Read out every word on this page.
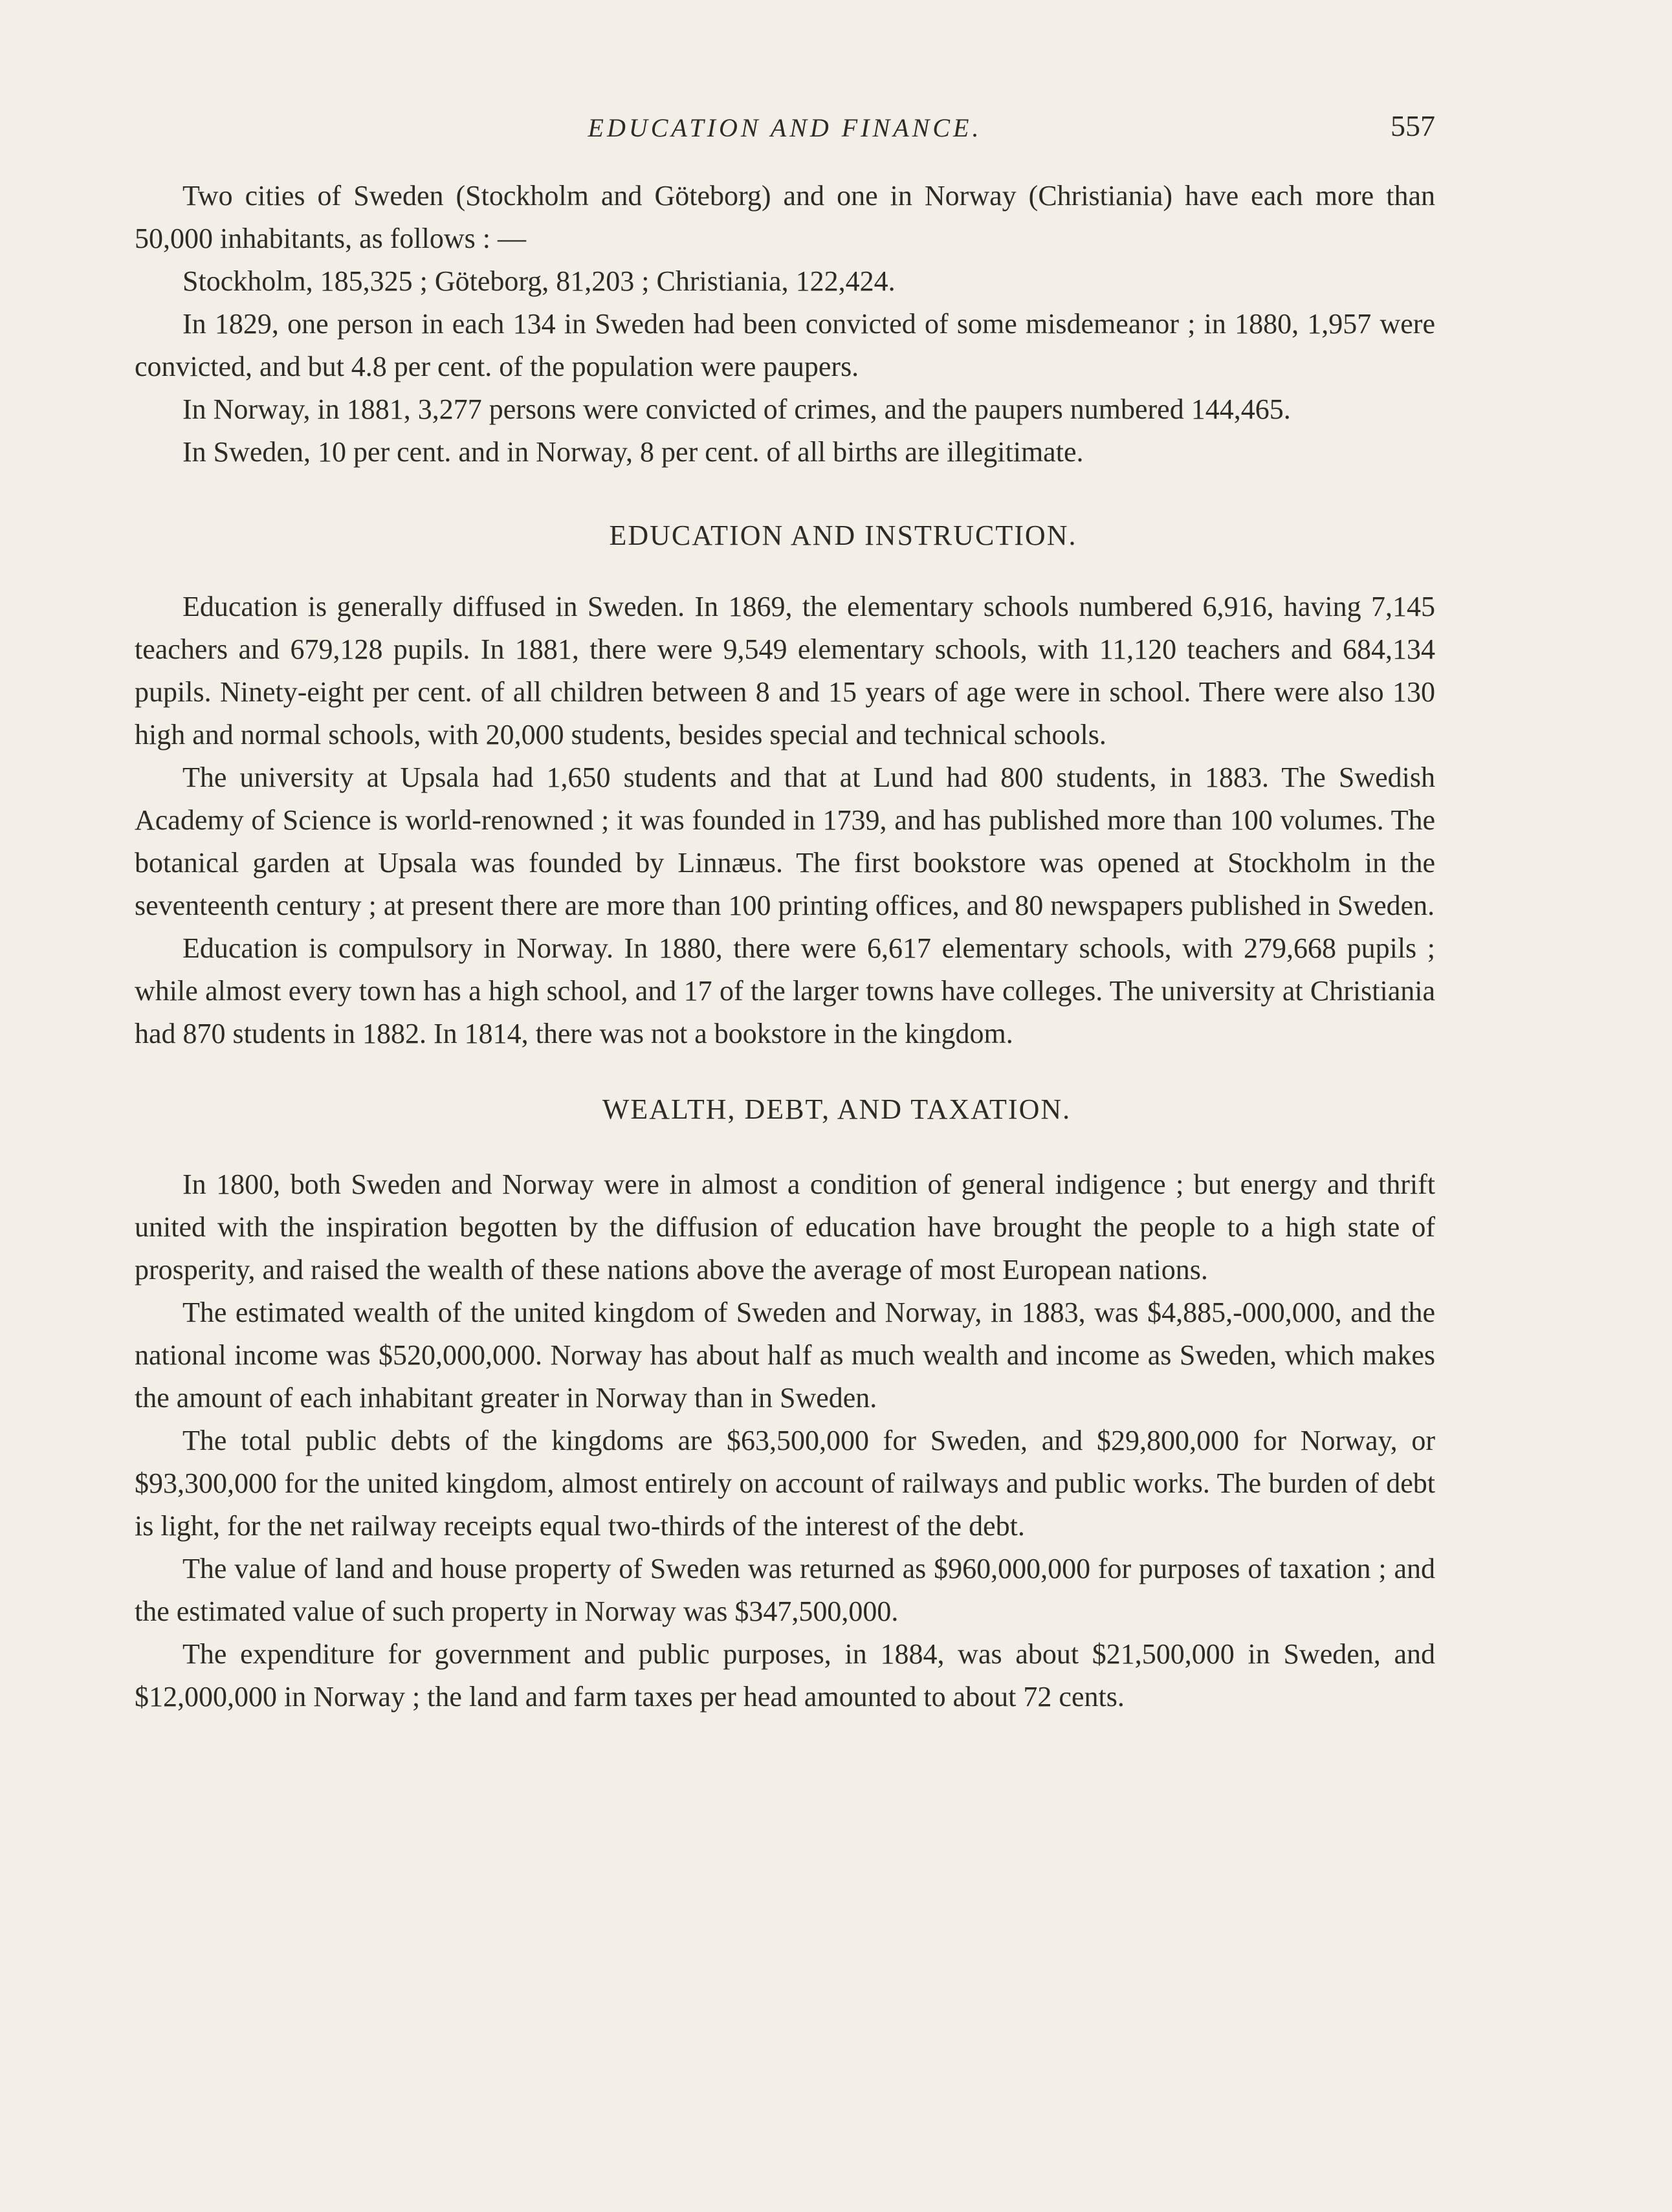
EDUCATION AND FINANCE.	557

Two cities of Sweden (Stockholm and Göteborg) and one in Norway (Christiania) have each more than 50,000 inhabitants, as follows : —

Stockholm, 185,325 ; Göteborg, 81,203 ; Christiania, 122,424.

In 1829, one person in each 134 in Sweden had been convicted of some misdemeanor ; in 1880, 1,957 were convicted, and but 4.8 per cent. of the population were paupers.

In Norway, in 1881, 3,277 persons were convicted of crimes, and the paupers numbered 144,465.

In Sweden, 10 per cent. and in Norway, 8 per cent. of all births are illegitimate.

EDUCATION AND INSTRUCTION.

Education is generally diffused in Sweden. In 1869, the elementary schools numbered 6,916, having 7,145 teachers and 679,128 pupils. In 1881, there were 9,549 elementary schools, with 11,120 teachers and 684,134 pupils. Ninety-eight per cent. of all children between 8 and 15 years of age were in school. There were also 130 high and normal schools, with 20,000 students, besides special and technical schools.

The university at Upsala had 1,650 students and that at Lund had 800 students, in 1883. The Swedish Academy of Science is world-renowned ; it was founded in 1739, and has published more than 100 volumes. The botanical garden at Upsala was founded by Linnæus. The first bookstore was opened at Stockholm in the seventeenth century ; at present there are more than 100 printing offices, and 80 newspapers published in Sweden.

Education is compulsory in Norway. In 1880, there were 6,617 elementary schools, with 279,668 pupils ; while almost every town has a high school, and 17 of the larger towns have colleges. The university at Christiania had 870 students in 1882. In 1814, there was not a bookstore in the kingdom.

WEALTH, DEBT, AND TAXATION.

In 1800, both Sweden and Norway were in almost a condition of general indigence ; but energy and thrift united with the inspiration begotten by the diffusion of education have brought the people to a high state of prosperity, and raised the wealth of these nations above the average of most European nations.

The estimated wealth of the united kingdom of Sweden and Norway, in 1883, was $4,885,-000,000, and the national income was $520,000,000. Norway has about half as much wealth and income as Sweden, which makes the amount of each inhabitant greater in Norway than in Sweden.

The total public debts of the kingdoms are $63,500,000 for Sweden, and $29,800,000 for Norway, or $93,300,000 for the united kingdom, almost entirely on account of railways and public works. The burden of debt is light, for the net railway receipts equal two-thirds of the interest of the debt.

The value of land and house property of Sweden was returned as $960,000,000 for purposes of taxation ; and the estimated value of such property in Norway was $347,500,000.

The expenditure for government and public purposes, in 1884, was about $21,500,000 in Sweden, and $12,000,000 in Norway ; the land and farm taxes per head amounted to about 72 cents.
